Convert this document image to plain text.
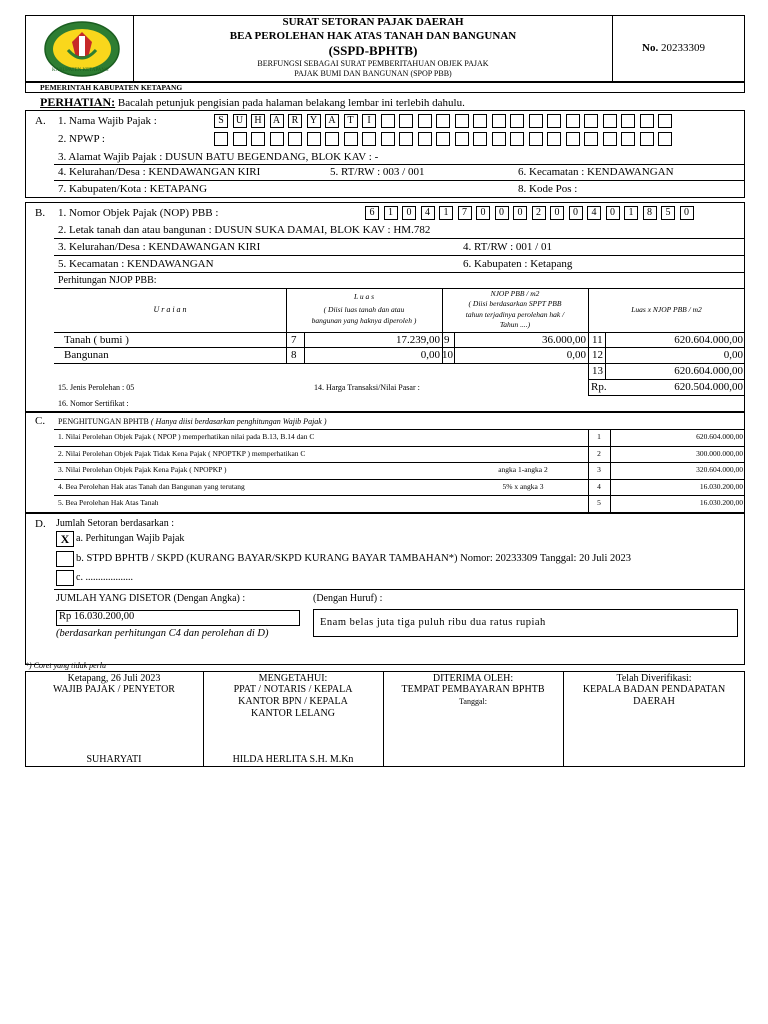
KABUPATEN KETAPANG
SURAT SETORAN PAJAK DAERAH
BEA PEROLEHAN HAK ATAS TANAH DAN BANGUNAN
(SSPD-BPHTB)
BERFUNGSI SEBAGAI SURAT PEMBERITAHUAN OBJEK PAJAK
PAJAK BUMI DAN BANGUNAN (SPOP PBB)
No. 20233309
PEMERINTAH KABUPATEN KETAPANG
PERHATIAN: Bacalah petunjuk pengisian pada halaman belakang lembar ini terlebih dahulu.
A. 1. Nama Wajib Pajak :	S	U	H	A	R	Y	A	T	I
2. NPWP :
3. Alamat Wajib Pajak : DUSUN BATU BEGENDANG, BLOK KAV : -
4. Kelurahan/Desa : KENDAWANGAN KIRI	5. RT/RW : 003 / 001	6. Kecamatan : KENDAWANGAN
7. Kabupaten/Kota : KETAPANG	8. Kode Pos :
B. 1. Nomor Objek Pajak (NOP) PBB :	6	1	0	4	1	7	0	0	0	2	0	0	4	0	1	8	5	0
2. Letak tanah dan atau bangunan : DUSUN SUKA DAMAI, BLOK KAV : HM.782
3. Kelurahan/Desa : KENDAWANGAN KIRI	4. RT/RW : 001 / 01
5. Kecamatan : KENDAWANGAN	6. Kabupaten : Ketapang
Perhitungan NJOP PBB:
U r a i a n
L u a s
( Diisi luas tanah dan atau
bangunan yang haknya diperoleh )
NJOP PBB / m2
( Diisi berdasarkan SPPT PBB
tahun terjadinya perolehan hak /
Tahun ....)
Luas x NJOP PBB / m2
Tanah ( bumi )	7	17.239,00 9	36.000,00 11	620.604.000,00
Bangunan	8	0,00 10	0,00 12	0,00
13	620.604.000,00
Rp.	620.504.000,00
15. Jenis Perolehan : 05	14. Harga Transaksi/Nilai Pasar :
16. Nomor Sertifikat :
C. PENGHITUNGAN BPHTB ( Hanya diisi berdasarkan penghitungan Wajib Pajak )
1. Nilai Perolehan Objek Pajak ( NPOP ) memperhatikan nilai pada B.13, B.14 dan C	1	620.604.000,00
2. Nilai Perolehan Objek Pajak Tidak Kena Pajak ( NPOPTKP ) memperhatikan C	2	300.000.000,00
3. Nilai Perolehan Objek Pajak Kena Pajak ( NPOPKP )	angka 1-angka 2	3	320.604.000,00
4. Bea Perolehan Hak atas Tanah dan Bangunan yang terutang	5% x angka 3	4	16.030.200,00
5. Bea Perolehan Hak Atas Tanah	5	16.030.200,00
D. Jumlah Setoran berdasarkan :
X a. Perhitungan Wajib Pajak
b. STPD BPHTB / SKPD (KURANG BAYAR/SKPD KURANG BAYAR TAMBAHAN*) Nomor: 20233309 Tanggal: 20 Juli 2023
c. ...................
JUMLAH YANG DISETOR (Dengan Angka) :	(Dengan Huruf) :
Rp 16.030.200,00
(berdasarkan perhitungan C4 dan perolehan di D)
Enam belas juta tiga puluh ribu dua ratus rupiah
*) Coret yang tidak perlu
Ketapang, 26 Juli 2023
WAJIB PAJAK / PENYETOR
SUHARYATI
MENGETAHUI:
PPAT / NOTARIS / KEPALA
KANTOR BPN / KEPALA
KANTOR LELANG
HILDA HERLITA S.H. M.Kn
DITERIMA OLEH:
TEMPAT PEMBAYARAN BPHTB
Tanggal:
Telah Diverifikasi:
KEPALA BADAN PENDAPATAN
DAERAH
